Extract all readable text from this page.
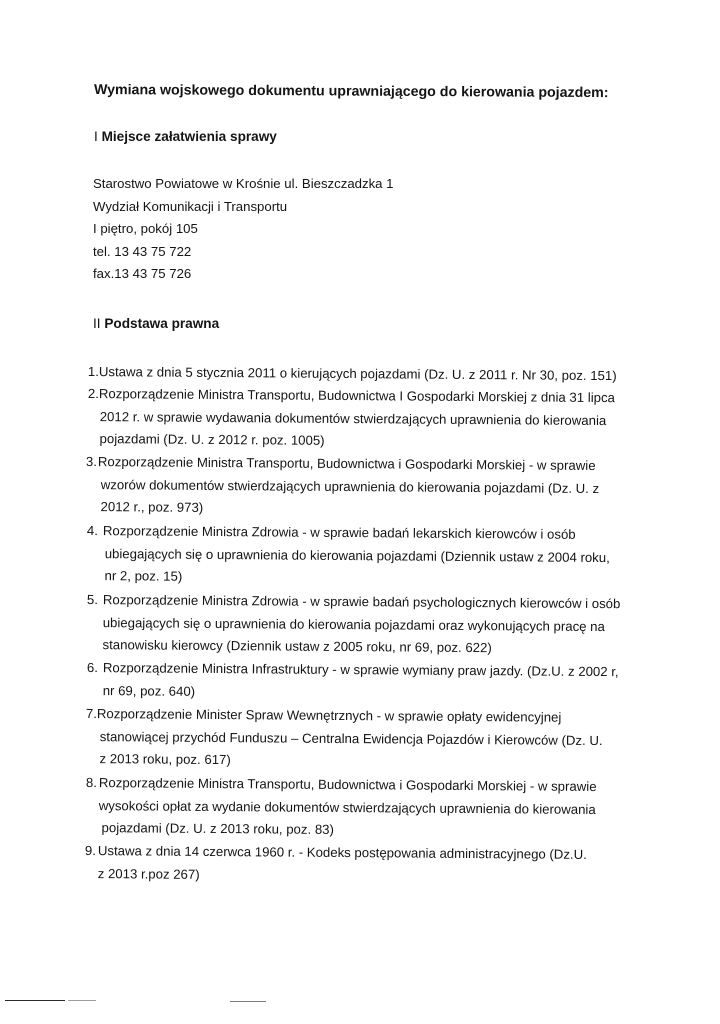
Wymiana wojskowego dokumentu uprawniającego do kierowania pojazdem:
I Miejsce załatwienia sprawy
Starostwo Powiatowe w Krośnie ul. Bieszczadzka 1
Wydział Komunikacji i Transportu
I piętro, pokój 105
tel. 13 43 75 722
fax.13 43 75 726
II Podstawa prawna
1. Ustawa z dnia 5 stycznia 2011 o kierujących pojazdami (Dz. U. z 2011 r. Nr 30, poz. 151)
2. Rozporządzenie Ministra Transportu, Budownictwa I Gospodarki Morskiej z dnia 31 lipca
2012 r. w sprawie wydawania dokumentów stwierdzających uprawnienia do kierowania
pojazdami (Dz. U. z 2012 r. poz. 1005)
3. Rozporządzenie Ministra Transportu, Budownictwa i Gospodarki Morskiej - w sprawie
wzorów dokumentów stwierdzających uprawnienia do kierowania pojazdami (Dz. U. z
2012 r., poz. 973)
4. Rozporządzenie Ministra Zdrowia - w sprawie badań lekarskich kierowców i osób
ubiegających się o uprawnienia do kierowania pojazdami (Dziennik ustaw z 2004 roku,
nr 2, poz. 15)
5. Rozporządzenie Ministra Zdrowia - w sprawie badań psychologicznych kierowców i osób
ubiegających się o uprawnienia do kierowania pojazdami oraz wykonujących pracę na
stanowisku kierowcy (Dziennik ustaw z 2005 roku, nr 69, poz. 622)
6. Rozporządzenie Ministra Infrastruktury - w sprawie wymiany praw jazdy. (Dz.U. z 2002 r,
nr 69, poz. 640)
7. Rozporządzenie Minister Spraw Wewnętrznych - w sprawie opłaty ewidencyjnej
stanowiącej przychód Funduszu – Centralna Ewidencja Pojazdów i Kierowców (Dz. U.
z 2013 roku, poz. 617)
8. Rozporządzenie Ministra Transportu, Budownictwa i Gospodarki Morskiej - w sprawie
wysokości opłat za wydanie dokumentów stwierdzających uprawnienia do kierowania
pojazdami (Dz. U. z 2013 roku, poz. 83)
9. Ustawa z dnia 14 czerwca 1960 r. - Kodeks postępowania administracyjnego (Dz.U.
z 2013 r.poz 267)
